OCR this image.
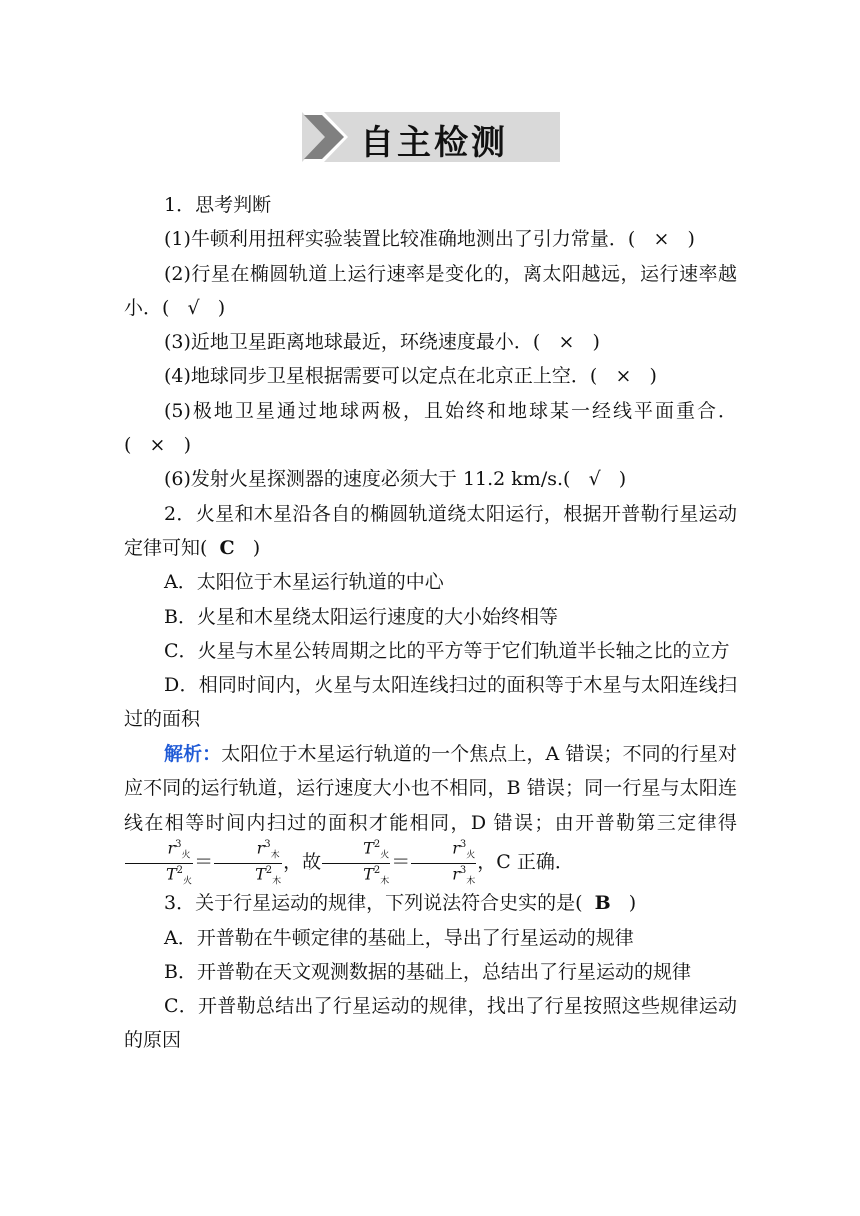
自主检测

1．思考判断

(1)牛顿利用扭秤实验装置比较准确地测出了引力常量．( × )

(2)行星在椭圆轨道上运行速率是变化的，离太阳越远，运行速率越小．( √ )

(3)近地卫星距离地球最近，环绕速度最小．( × )

(4)地球同步卫星根据需要可以定点在北京正上空．( × )

(5)极地卫星通过地球两极，且始终和地球某一经线平面重合．( × )

(6)发射火星探测器的速度必须大于 11.2 km/s.( √ )

2．火星和木星沿各自的椭圆轨道绕太阳运行，根据开普勒行星运动定律可知( C )

A．太阳位于木星运行轨道的中心

B．火星和木星绕太阳运行速度的大小始终相等

C．火星与木星公转周期之比的平方等于它们轨道半长轴之比的立方

D．相同时间内，火星与太阳连线扫过的面积等于木星与太阳连线扫过的面积

解析：太阳位于木星运行轨道的一个焦点上，A 错误；不同的行星对应不同的运行轨道，运行速度大小也不相同，B 错误；同一行星与太阳连线在相等时间内扫过的面积才能相同，D 错误；由开普勒第三定律得
$\frac{r^3_火}{T^2_火} = \frac{r^3_木}{T^2_木}$ ，故 $\frac{T^2_火}{T^2_木} = \frac{r^3_火}{r^3_木}$ ，C 正确．

3．关于行星运动的规律，下列说法符合史实的是( B )

A．开普勒在牛顿定律的基础上，导出了行星运动的规律

B．开普勒在天文观测数据的基础上，总结出了行星运动的规律

C．开普勒总结出了行星运动的规律，找出了行星按照这些规律运动的原因
